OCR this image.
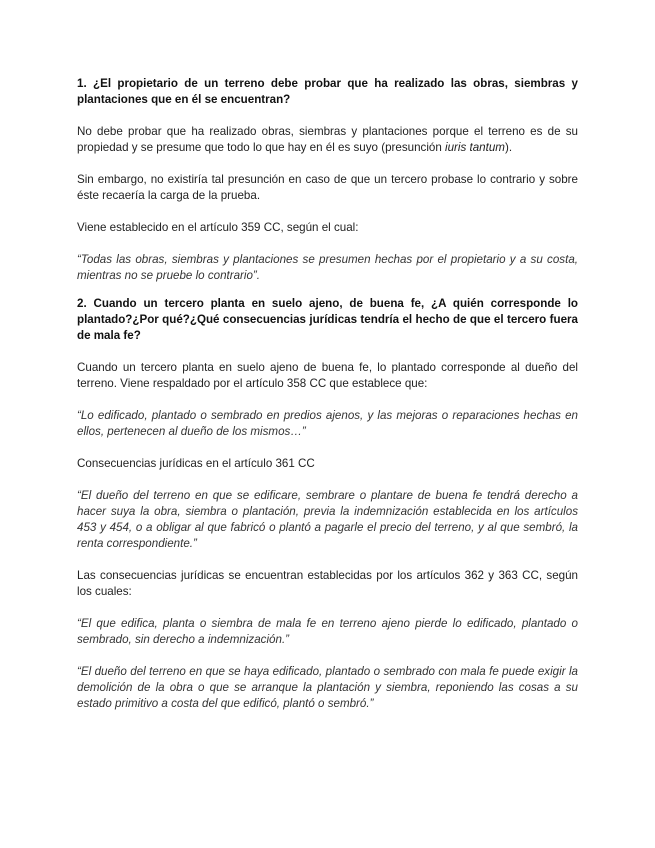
1. ¿El propietario de un terreno debe probar que ha realizado las obras, siembras y plantaciones que en él se encuentran?

No debe probar que ha realizado obras, siembras y plantaciones porque el terreno es de su propiedad y se presume que todo lo que hay en él es suyo (presunción iuris tantum).

Sin embargo, no existiría tal presunción en caso de que un tercero probase lo contrario y sobre éste recaería la carga de la prueba.

Viene establecido en el artículo 359 CC, según el cual:

“Todas las obras, siembras y plantaciones se presumen hechas por el propietario y a su costa, mientras no se pruebe lo contrario”.

2. Cuando un tercero planta en suelo ajeno, de buena fe, ¿A quién corresponde lo plantado?¿Por qué?¿Qué consecuencias jurídicas tendría el hecho de que el tercero fuera de mala fe?

Cuando un tercero planta en suelo ajeno de buena fe, lo plantado corresponde al dueño del terreno. Viene respaldado por el artículo 358 CC que establece que:

“Lo edificado, plantado o sembrado en predios ajenos, y las mejoras o reparaciones hechas en ellos, pertenecen al dueño de los mismos…”

Consecuencias jurídicas en el artículo 361 CC

“El dueño del terreno en que se edificare, sembrare o plantare de buena fe tendrá derecho a hacer suya la obra, siembra o plantación, previa la indemnización establecida en los artículos 453 y 454, o a obligar al que fabricó o plantó a pagarle el precio del terreno, y al que sembró, la renta correspondiente.”

Las consecuencias jurídicas se encuentran establecidas por los artículos 362 y 363 CC, según los cuales:

“El que edifica, planta o siembra de mala fe en terreno ajeno pierde lo edificado, plantado o sembrado, sin derecho a indemnización.”

“El dueño del terreno en que se haya edificado, plantado o sembrado con mala fe puede exigir la demolición de la obra o que se arranque la plantación y siembra, reponiendo las cosas a su estado primitivo a costa del que edificó, plantó o sembró.”
